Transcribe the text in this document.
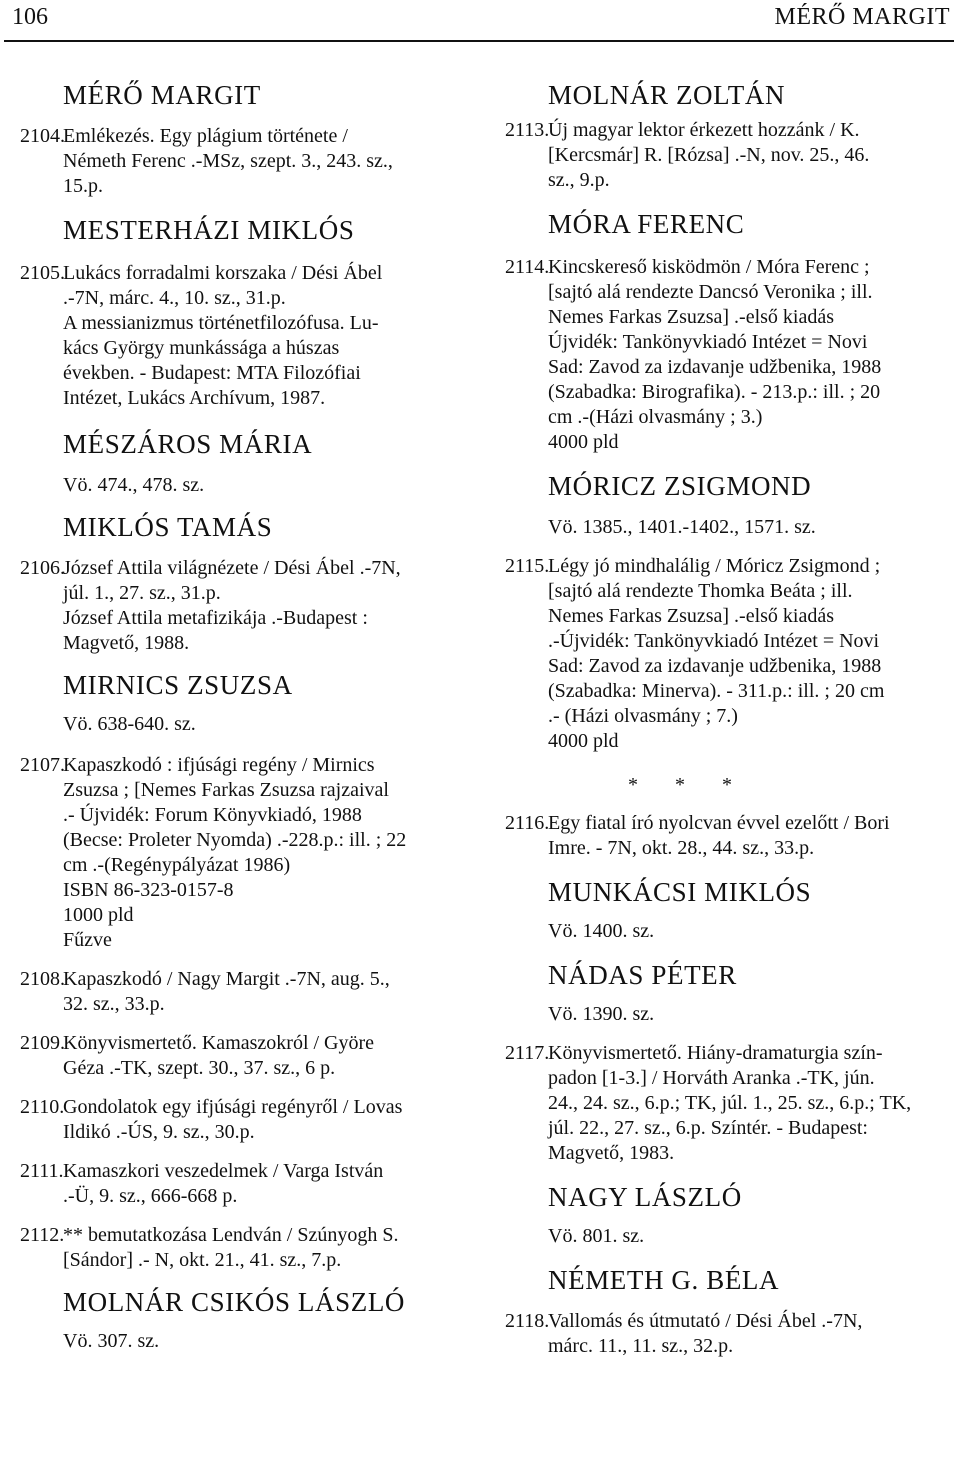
106	MÉRŐ MARGIT
MÉRŐ MARGIT
2104.
Emlékezés. Egy plágium története /
Németh Ferenc .-MSz, szept. 3., 243. sz.,
15.p.
MESTERHÁZI MIKLÓS
2105.
Lukács forradalmi korszaka / Dési Ábel
.-7N, márc. 4., 10. sz., 31.p.
A messianizmus történetfilozófusa. Lu-
kács György munkássága a húszas
években. - Budapest: MTA Filozófiai
Intézet, Lukács Archívum, 1987.
MÉSZÁROS MÁRIA
Vö. 474., 478. sz.
MIKLÓS TAMÁS
2106.
József Attila világnézete / Dési Ábel .-7N,
júl. 1., 27. sz., 31.p.
József Attila metafizikája .-Budapest :
Magvető, 1988.
MIRNICS ZSUZSA
Vö. 638-640. sz.
2107.
Kapaszkodó : ifjúsági regény / Mirnics
Zsuzsa ; [Nemes Farkas Zsuzsa rajzaival
.- Újvidék: Forum Könyvkiadó, 1988
(Becse: Proleter Nyomda) .-228.p.: ill. ; 22
cm .-(Regénypályázat 1986)
ISBN 86-323-0157-8
1000 pld
Fűzve
2108.
Kapaszkodó / Nagy Margit .-7N, aug. 5.,
32. sz., 33.p.
2109.
Könyvismertető. Kamaszokról / Györe
Géza .-TK, szept. 30., 37. sz., 6 p.
2110.
Gondolatok egy ifjúsági regényről / Lovas
Ildikó .-ÚS, 9. sz., 30.p.
2111. Kamaszkori veszedelmek / Varga István
.-Ü, 9. sz., 666-668 p.
2112.
** bemutatkozása Lendván / Szúnyogh S.
[Sándor] .- N, okt. 21., 41. sz., 7.p.
MOLNÁR CSIKÓS LÁSZLÓ
Vö. 307. sz.
MOLNÁR ZOLTÁN
2113.
Új magyar lektor érkezett hozzánk / K.
[Kercsmár] R. [Rózsa] .-N, nov. 25., 46.
sz., 9.p.
MÓRA FERENC
2114.
Kincskereső kisködmön / Móra Ferenc ;
[sajtó alá rendezte Dancsó Veronika ; ill.
Nemes Farkas Zsuzsa] .-első kiadás
Újvidék: Tankönyvkiadó Intézet = Novi
Sad: Zavod za izdavanje udžbenika, 1988
(Szabadka: Birografika). - 213.p.: ill. ; 20
cm .-(Házi olvasmány ; 3.)
4000 pld
MÓRICZ ZSIGMOND
Vö. 1385., 1401.-1402., 1571. sz.
2115.
Légy jó mindhalálig / Móricz Zsigmond ;
[sajtó alá rendezte Thomka Beáta ; ill.
Nemes Farkas Zsuzsa] .-első kiadás
.-Újvidék: Tankönyvkiadó Intézet = Novi
Sad: Zavod za izdavanje udžbenika, 1988
(Szabadka: Minerva). - 311.p.: ill. ; 20 cm
.- (Házi olvasmány ; 7.)
4000 pld
* * *
2116.
Egy fiatal író nyolcvan évvel ezelőtt / Bori
Imre. - 7N, okt. 28., 44. sz., 33.p.
MUNKÁCSI MIKLÓS
Vö. 1400. sz.
NÁDAS PÉTER
Vö. 1390. sz.
2117.
Könyvismertető. Hiány-dramaturgia szín-
padon [1-3.] / Horváth Aranka .-TK, jún.
24., 24. sz., 6.p.; TK, júl. 1., 25. sz., 6.p.; TK,
júl. 22., 27. sz., 6.p. Színtér. - Budapest:
Magvető, 1983.
NAGY LÁSZLÓ
Vö. 801. sz.
NÉMETH G. BÉLA
2118.
Vallomás és útmutató / Dési Ábel .-7N,
márc. 11., 11. sz., 32.p.
